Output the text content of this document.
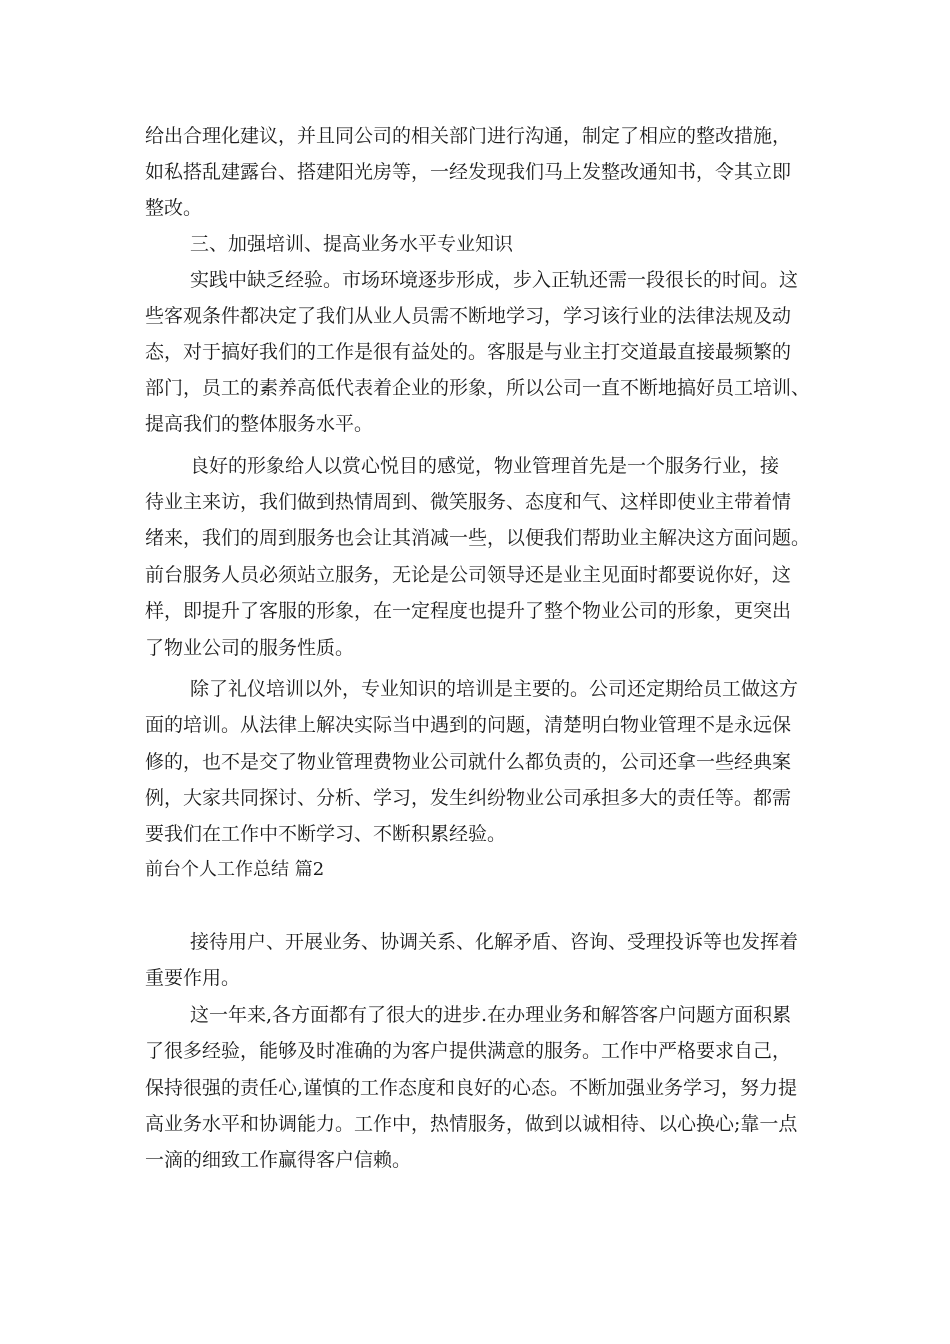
给出合理化建议，并且同公司的相关部门进行沟通，制定了相应的整改措施，
如私搭乱建露台、搭建阳光房等，一经发现我们马上发整改通知书，令其立即
整改。
三、加强培训、提高业务水平专业知识
实践中缺乏经验。市场环境逐步形成，步入正轨还需一段很长的时间。这
些客观条件都决定了我们从业人员需不断地学习，学习该行业的法律法规及动
态，对于搞好我们的工作是很有益处的。客服是与业主打交道最直接最频繁的
部门，员工的素养高低代表着企业的形象，所以公司一直不断地搞好员工培训、
提高我们的整体服务水平。
良好的形象给人以赏心悦目的感觉，物业管理首先是一个服务行业，接
待业主来访，我们做到热情周到、微笑服务、态度和气、这样即使业主带着情
绪来，我们的周到服务也会让其消减一些，以便我们帮助业主解决这方面问题。
前台服务人员必须站立服务，无论是公司领导还是业主见面时都要说你好，这
样，即提升了客服的形象，在一定程度也提升了整个物业公司的形象，更突出
了物业公司的服务性质。
除了礼仪培训以外，专业知识的培训是主要的。公司还定期给员工做这方
面的培训。从法律上解决实际当中遇到的问题，清楚明白物业管理不是永远保
修的，也不是交了物业管理费物业公司就什么都负责的，公司还拿一些经典案
例，大家共同探讨、分析、学习，发生纠纷物业公司承担多大的责任等。都需
要我们在工作中不断学习、不断积累经验。
前台个人工作总结 篇2
接待用户、开展业务、协调关系、化解矛盾、咨询、受理投诉等也发挥着
重要作用。
这一年来,各方面都有了很大的进步.在办理业务和解答客户问题方面积累
了很多经验，能够及时准确的为客户提供满意的服务。工作中严格要求自己，
保持很强的责任心,谨慎的工作态度和良好的心态。不断加强业务学习，努力提
高业务水平和协调能力。工作中，热情服务，做到以诚相待、以心换心;靠一点
一滴的细致工作赢得客户信赖。
